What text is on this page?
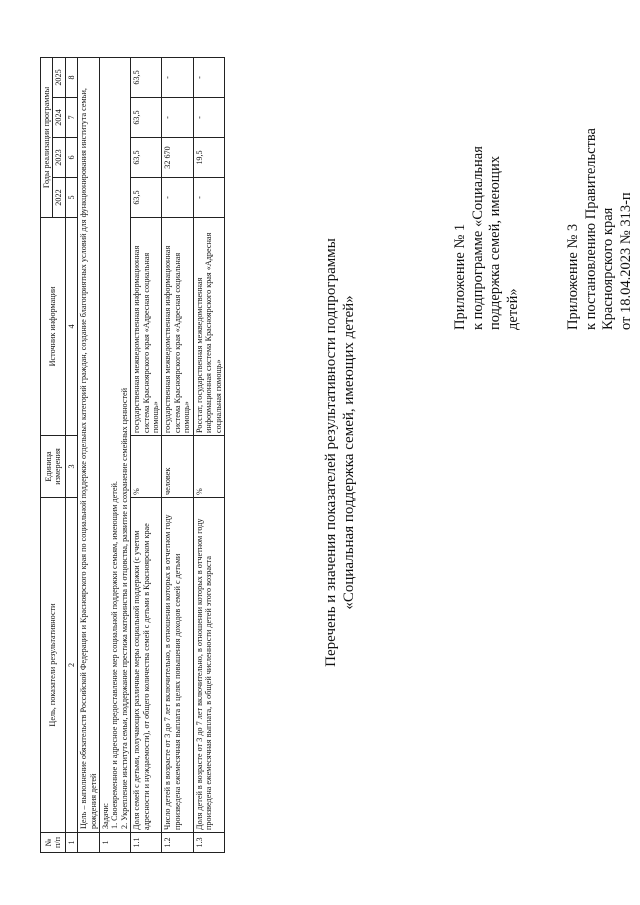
Приложение № 3 к постановлению Правительства Красноярского края от 18.04.2023 № 313-п
Приложение № 1 к подпрограмме «Социальная поддержка семей, имеющих детей»
Перечень и значения показателей результативности подпрограммы «Социальная поддержка семей, имеющих детей»
№ п/п	Цель, показатели результативности	Единица измерения	Источник информации	Годы реализации программы			
				2022	2023	2024	2025
1	2	3	4	5	6	7	8
	Цель – выполнение обязательств Российской Федерации и Красноярского края по социальной поддержке отдельных категорий граждан, создание благоприятных условий для функционирования института семьи, рождения детей						
1	Задачи: 1. Своевременное и адресное предоставление мер социальной поддержки семьям, имеющим детей. 2. Укрепление института семьи, поддержание престижа материнства и отцовства, развитие и сохранение семейных ценностей						

1.1	Доля семей с детьми, получающих различные меры социальной поддержки (с учетом адресности и нуждаемости), от общего количества семей с детьми в Красноярском крае	%	государственная межведомственная информационная система Красноярского края «Адресная социальная помощь»	63,5	63,5	63,5	63,5
1.2	Число детей в возрасте от 3 до 7 лет включительно, в отношении которых в отчетном году произведена ежемесячная выплата в целях повышения доходов семей с детьми	человек	государственная межведомственная информационная система Красноярского края «Адресная социальная помощь»	-	32 670	-	-
1.3	Доля детей в возрасте от 3 до 7 лет включительно, в отношении которых в отчетном году произведена ежемесячная выплата, в общей численности детей этого возраста	%	Росстат, государственная межведомственная информационная система Красноярского края «Адресная социальная помощь»	-	19,5	-	-
